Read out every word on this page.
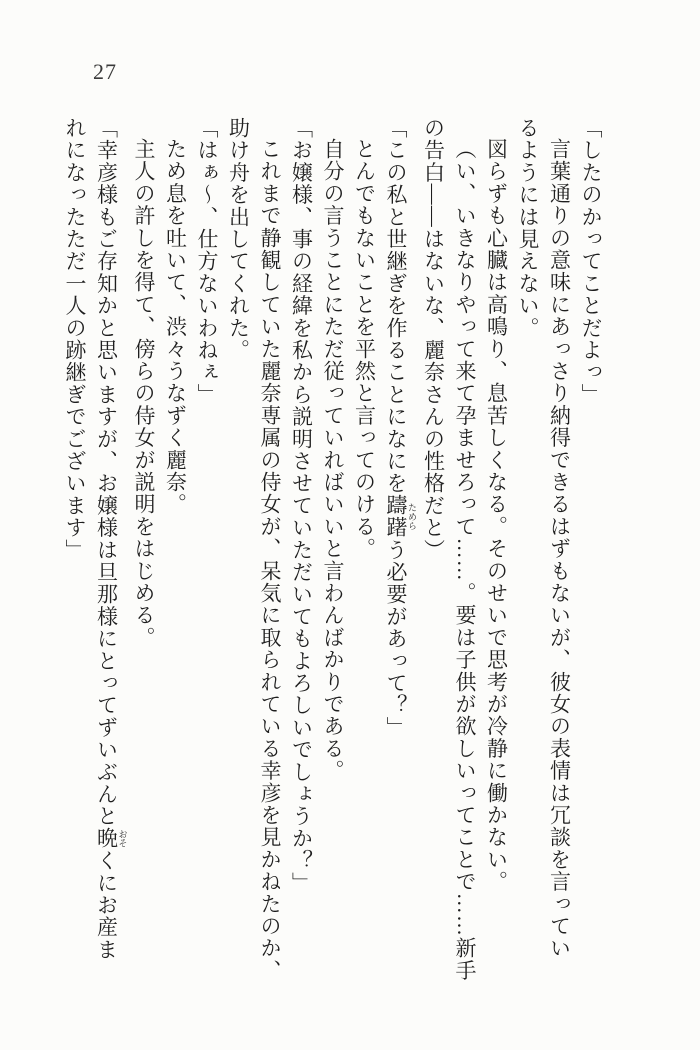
27

「したのかってことだよっ」

言葉通りの意味にあっさり納得できるはずもないが、彼女の表情は冗談を言ってい

るようには見えない。

図らずも心臓は高鳴り、息苦しくなる。そのせいで思考が冷静に働かない。

（い、いきなりやって来て孕ませろって……。要は子供が欲しいってことで……新手

の告白――はないな、麗奈さんの性格だと）

「この私と世継ぎを作ることになにを躊躇 ためらう必要があって？」

とんでもないことを平然と言ってのける。

自分の言うことにただ従っていればいいと言わんばかりである。

「お嬢様、事の経緯を私から説明させていただいてもよろしいでしょうか？」

これまで静観していた麗奈専属の侍女が、呆気に取られている幸彦を見かねたのか、

助け舟を出してくれた。

「はぁ～、仕方ないわねぇ」

ため息を吐いて、渋々うなずく麗奈。

主人の許しを得て、傍らの侍女が説明をはじめる。

「幸彦様もご存知かと思いますが、お嬢様は旦那様にとってずいぶんと晩 おそくにお産ま

れになったただ一人の跡継ぎでございます」
